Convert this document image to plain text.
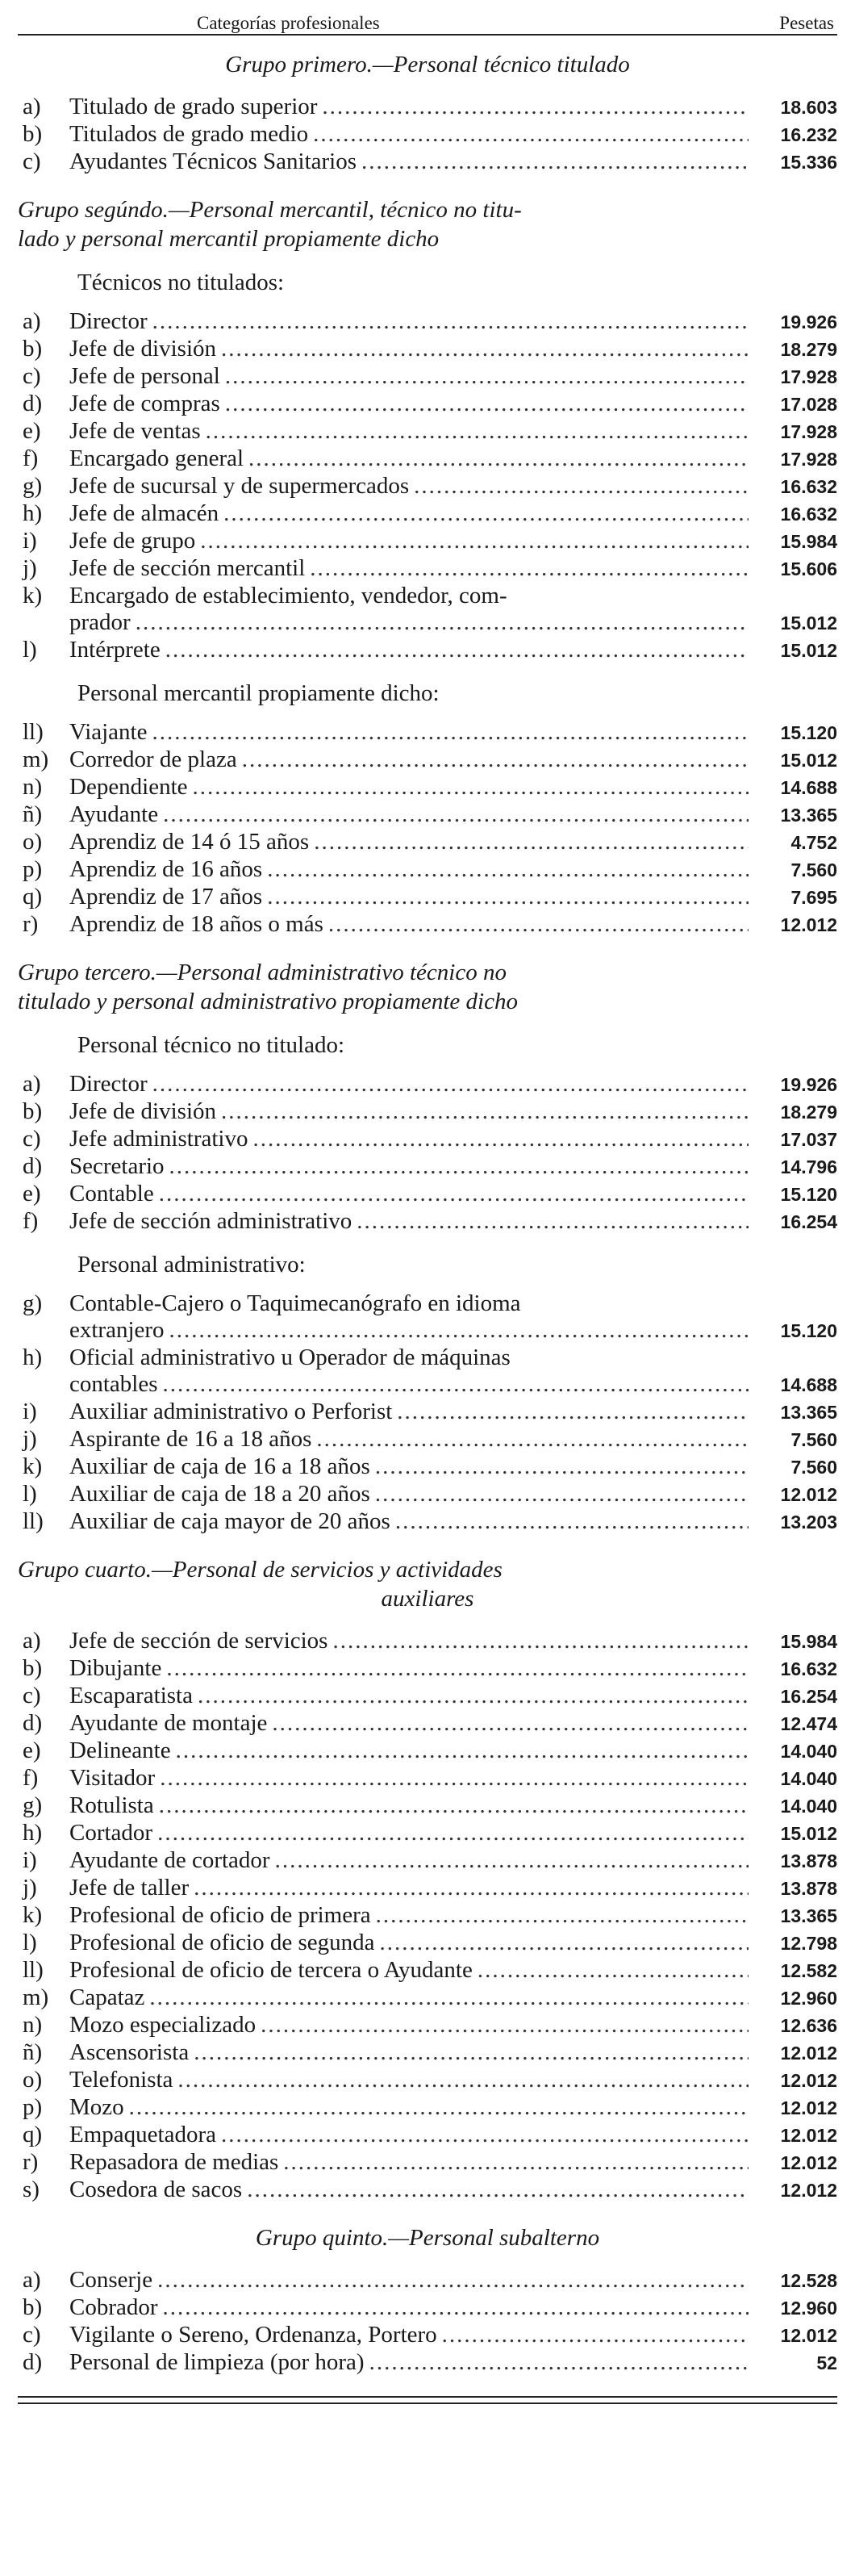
Categorías profesionales	Pesetas
Grupo primero.—Personal técnico titulado
a)	Titulado de grado superior .....	18.603
b)	Titulados de grado medio .....	16.232
c)	Ayudantes Técnicos Sanitarios .....	15.336
Grupo segúndo.—Personal mercantil, técnico no titu-
lado y personal mercantil propiamente dicho
Técnicos no titulados:
a)	Director .....	19.926
b)	Jefe de división .....	18.279
c)	Jefe de personal .....	17.928
d)	Jefe de compras .....	17.028
e)	Jefe de ventas .....	17.928
f)	Encargado general .....	17.928
g)	Jefe de sucursal y de supermercados .....	16.632
h)	Jefe de almacén .....	16.632
i)	Jefe de grupo .....	15.984
j)	Jefe de sección mercantil .....	15.606
k)	Encargado de establecimiento, vendedor, com-
prador .....	15.012
l)	Intérprete .....	15.012
Personal mercantil propiamente dicho:
ll)	Viajante .....	15.120
m) Corredor de plaza .....	15.012
n)	Dependiente .....	14.688
ñ)	Ayudante .....	13.365
o)	Aprendiz de 14 ó 15 años .....	4.752
p)	Aprendiz de 16 años .....	7.560
q)	Aprendiz de 17 años .....	7.695
r)	Aprendiz de 18 años o más .....	12.012
Grupo tercero.—Personal administrativo técnico no
titulado y personal administrativo propiamente dicho
Personal técnico no titulado:
a)	Director .....	19.926
b)	Jefe de división .....	18.279
c)	Jefe administrativo .....	17.037
d)	Secretario .....	14.796
e)	Contable .....	15.120
f)	Jefe de sección administrativo .....	16.254
Personal administrativo:
g)	Contable-Cajero o Taquimecanógrafo en idioma
extranjero .....	15.120
h)	Oficial administrativo u Operador de máquinas
contables .....	14.688
i)	Auxiliar administrativo o Perforist .....	13.365
j)	Aspirante de 16 a 18 años .....	7.560
k)	Auxiliar de caja de 16 a 18 años .....	7.560
l)	Auxiliar de caja de 18 a 20 años .....	12.012
ll)	Auxiliar de caja mayor de 20 años .....	13.203
Grupo cuarto.—Personal de servicios y actividades
auxiliares
a)	Jefe de sección de servicios .....	15.984
b)	Dibujante .....	16.632
c)	Escaparatista .....	16.254
d)	Ayudante de montaje .....	12.474
e)	Delineante .....	14.040
f)	Visitador .....	14.040
g)	Rotulista .....	14.040
h)	Cortador .....	15.012
i)	Ayudante de cortador .....	13.878
j)	Jefe de taller .....	13.878
k)	Profesional de oficio de primera .....	13.365
l)	Profesional de oficio de segunda .....	12.798
ll)	Profesional de oficio de tercera o Ayudante .....	12.582
m) Capataz .....	12.960
n)	Mozo especializado .....	12.636
ñ)	Ascensorista .....	12.012
o)	Telefonista .....	12.012
p)	Mozo .....	12.012
q)	Empaquetadora .....	12.012
r)	Repasadora de medias .....	12.012
s)	Cosedora de sacos .....	12.012
Grupo quinto.—Personal subalterno
a)	Conserje .....	12.528
b)	Cobrador .....	12.960
c)	Vigilante o Sereno, Ordenanza, Portero .....	12.012
d)	Personal de limpieza (por hora) .....	52
